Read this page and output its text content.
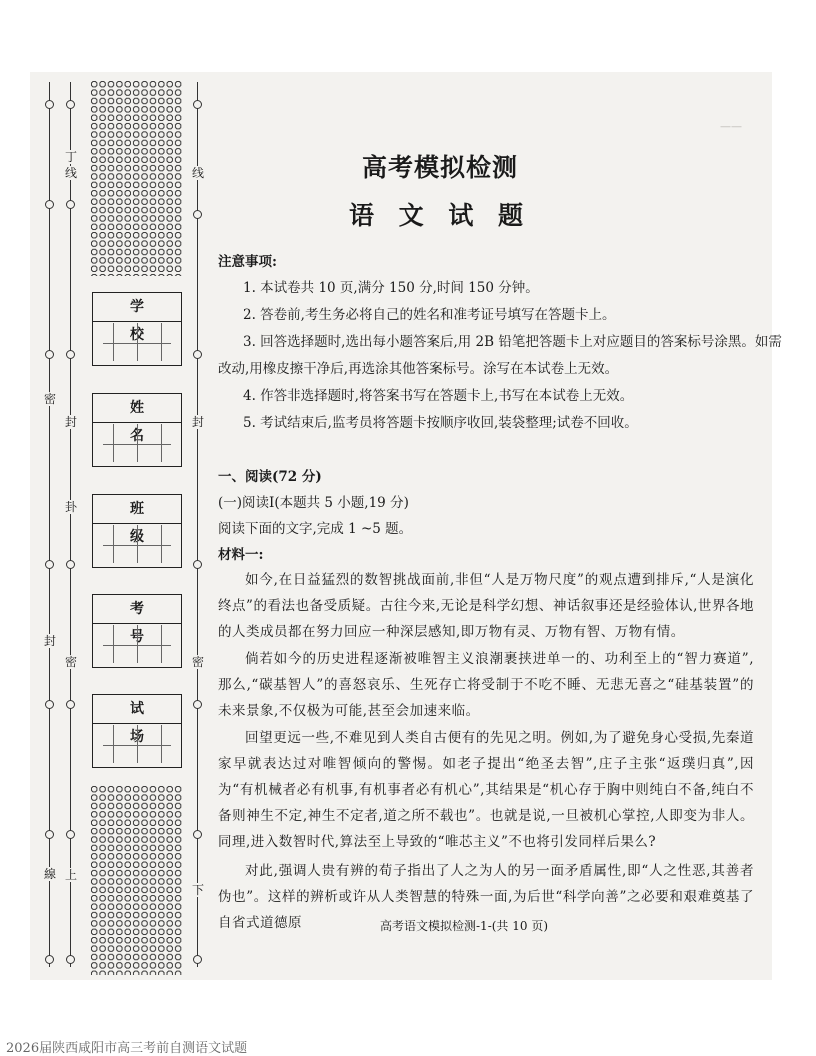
丁
密
封
線 上
卦
线
封
密
线
封
密
下
学校
姓名
班级
考号
试场
——
高考模拟检测
语 文 试 题
注意事项:
1. 本试卷共 10 页,满分 150 分,时间 150 分钟。
2. 答卷前,考生务必将自己的姓名和准考证号填写在答题卡上。
3. 回答选择题时,选出每小题答案后,用 2B 铅笔把答题卡上对应题目的答案标号涂黑。如需
改动,用橡皮擦干净后,再选涂其他答案标号。涂写在本试卷上无效。
4. 作答非选择题时,将答案书写在答题卡上,书写在本试卷上无效。
5. 考试结束后,监考员将答题卡按顺序收回,装袋整理;试卷不回收。
一、阅读(72 分)
(一)阅读Ⅰ(本题共 5 小题,19 分)
阅读下面的文字,完成 1 ~5 题。
材料一:
如今,在日益猛烈的数智挑战面前,非但“人是万物尺度”的观点遭到排斥,“人是演化终点”的看法也备受质疑。古往今来,无论是科学幻想、神话叙事还是经验体认,世界各地的人类成员都在努力回应一种深层感知,即万物有灵、万物有智、万物有情。
倘若如今的历史进程逐渐被唯智主义浪潮裹挟进单一的、功利至上的“智力赛道”,那么,“碳基智人”的喜怒哀乐、生死存亡将受制于不吃不睡、无悲无喜之“硅基装置”的未来景象,不仅极为可能,甚至会加速来临。
回望更远一些,不难见到人类自古便有的先见之明。例如,为了避免身心受损,先秦道家早就表达过对唯智倾向的警惕。如老子提出“绝圣去智”,庄子主张“返璞归真”,因为“有机械者必有机事,有机事者必有机心”,其结果是“机心存于胸中则纯白不备,纯白不备则神生不定,神生不定者,道之所不载也”。也就是说,一旦被机心掌控,人即变为非人。同理,进入数智时代,算法至上导致的“唯芯主义”不也将引发同样后果么?
对此,强调人贵有辨的荀子指出了人之为人的另一面矛盾属性,即“人之性恶,其善者伪也”。这样的辨析或许从人类智慧的特殊一面,为后世“科学向善”之必要和艰难奠基了自省式道德原	高考语文模拟检测-1-(共 10 页)
2026届陕西咸阳市高三考前自测语文试题
